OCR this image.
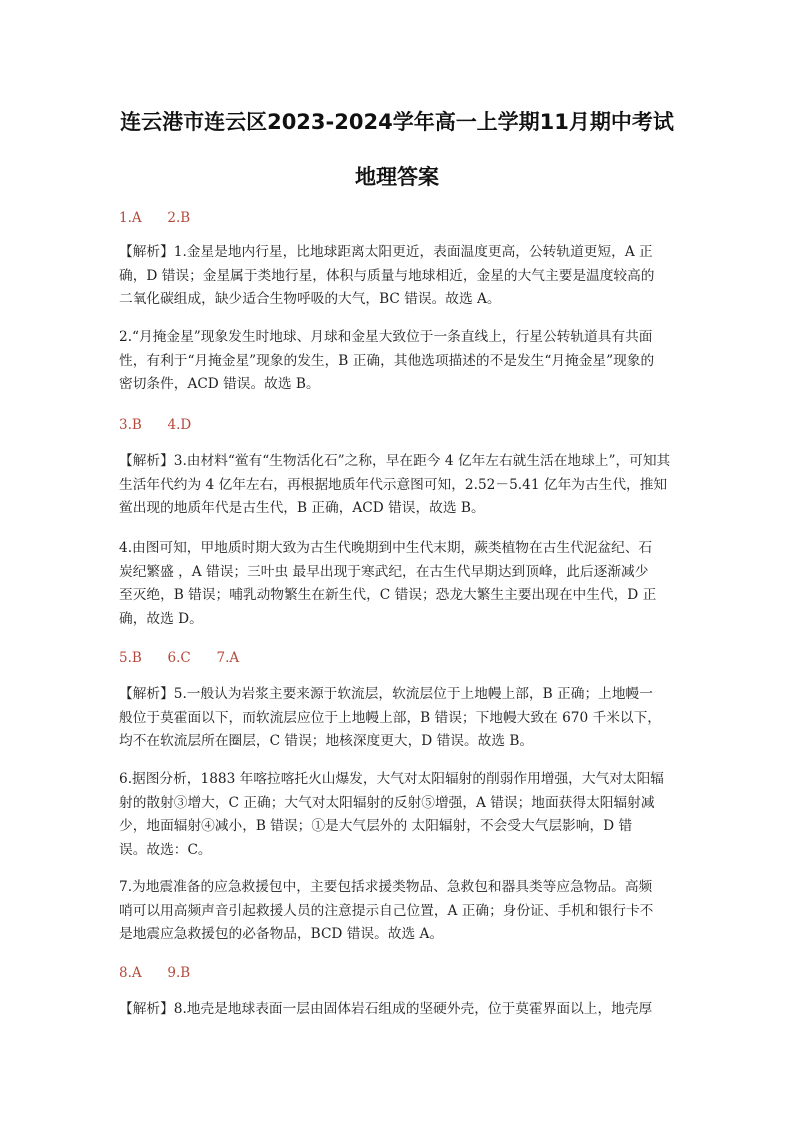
连云港市连云区2023-2024学年高一上学期11月期中考试
地理答案
1.A      2.B
【解析】1.金星是地内行星，比地球距离太阳更近，表面温度更高，公转轨道更短，A 正
确，D 错误；金星属于类地行星，体积与质量与地球相近，金星的大气主要是温度较高的
二氧化碳组成，缺少适合生物呼吸的大气，BC 错误。故选 A。
2.“月掩金星”现象发生时地球、月球和金星大致位于一条直线上，行星公转轨道具有共面
性，有利于“月掩金星”现象的发生，B 正确，其他选项描述的不是发生“月掩金星”现象的
密切条件，ACD 错误。故选 B。
3.B      4.D
【解析】3.由材料“鲎有“生物活化石”之称，早在距今 4 亿年左右就生活在地球上”，可知其
生活年代约为 4 亿年左右，再根据地质年代示意图可知，2.52－5.41 亿年为古生代，推知
鲎出现的地质年代是古生代，B 正确，ACD 错误，故选 B。
4.由图可知，甲地质时期大致为古生代晚期到中生代末期，蕨类植物在古生代泥盆纪、石
炭纪繁盛 ，A 错误；三叶虫 最早出现于寒武纪，在古生代早期达到顶峰，此后逐渐减少
至灭绝，B 错误；哺乳动物繁生在新生代，C 错误；恐龙大繁生主要出现在中生代，D 正
确，故选 D。
5.B      6.C      7.A
【解析】5.一般认为岩浆主要来源于软流层，软流层位于上地幔上部，B 正确；上地幔一
般位于莫霍面以下，而软流层应位于上地幔上部，B 错误；下地幔大致在 670 千米以下，
均不在软流层所在圈层，C 错误；地核深度更大，D 错误。故选 B。
6.据图分析，1883 年喀拉喀托火山爆发，大气对太阳辐射的削弱作用增强，大气对太阳辐
射的散射③增大，C 正确；大气对太阳辐射的反射⑤增强，A 错误；地面获得太阳辐射减
少，地面辐射④减小，B 错误；①是大气层外的 太阳辐射，不会受大气层影响，D 错
误。故选：C。
7.为地震准备的应急救援包中，主要包括求援类物品、急救包和器具类等应急物品。高频
哨可以用高频声音引起救援人员的注意提示自己位置，A 正确；身份证、手机和银行卡不
是地震应急救援包的必备物品，BCD 错误。故选 A。
8.A      9.B
【解析】8.地壳是地球表面一层由固体岩石组成的坚硬外壳，位于莫霍界面以上，地壳厚
